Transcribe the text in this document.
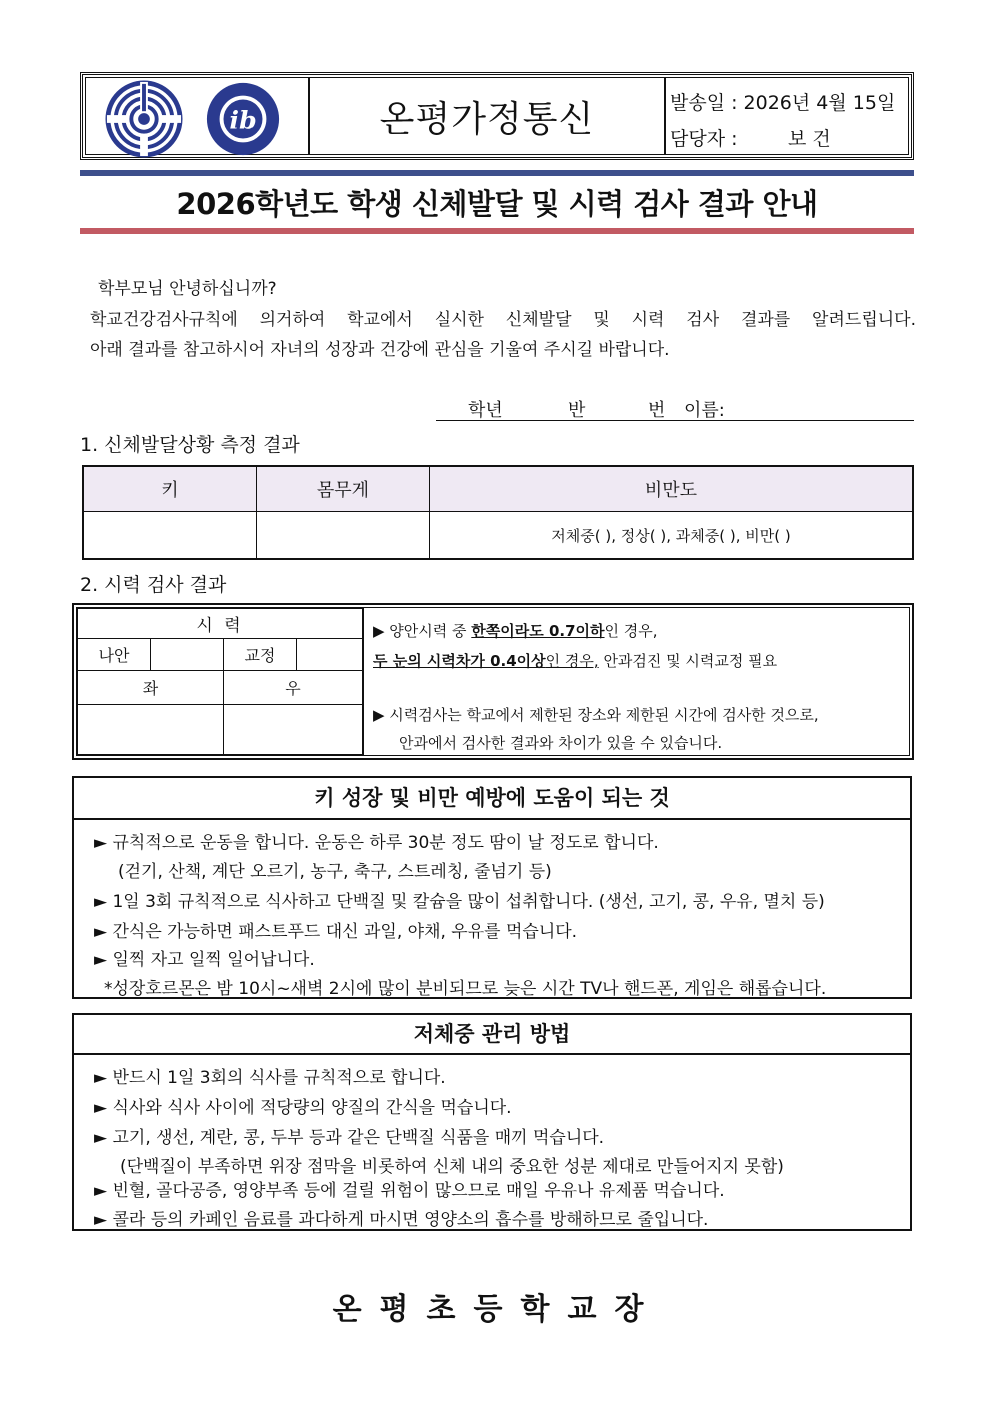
ib	온평가정통신	발송일 : 2026년 4월 15일
담당자 :	보 건
2026학년도 학생 신체발달 및 시력 검사 결과 안내
학부모님 안녕하십니까?
학교건강검사규칙에 의거하여 학교에서 실시한 신체발달 및 시력 검사 결과를 알려드립니다.
아래 결과를 참고하시어 자녀의 성장과 건강에 관심을 기울여 주시길 바랍니다.
학년	반	번 이름:
1. 신체발달상황 측정 결과
키	몸무게	비만도
		저체중( ), 정상( ), 과체중( ), 비만( )
2. 시력 검사 결과
시 력			
나안		교정	
좌		우	

▶ 양안시력 중 한쪽이라도 0.7이하인 경우,
두 눈의 시력차가 0.4이상인 경우, 안과검진 및 시력교정 필요
▶ 시력검사는 학교에서 제한된 장소와 제한된 시간에 검사한 것으로,
안과에서 검사한 결과와 차이가 있을 수 있습니다.
키 성장 및 비만 예방에 도움이 되는 것
► 규칙적으로 운동을 합니다. 운동은 하루 30분 정도 땀이 날 정도로 합니다.
(걷기, 산책, 계단 오르기, 농구, 축구, 스트레칭, 줄넘기 등)
► 1일 3회 규칙적으로 식사하고 단백질 및 칼슘을 많이 섭취합니다. (생선, 고기, 콩, 우유, 멸치 등)
► 간식은 가능하면 패스트푸드 대신 과일, 야채, 우유를 먹습니다.
► 일찍 자고 일찍 일어납니다.
*성장호르몬은 밤 10시~새벽 2시에 많이 분비되므로 늦은 시간 TV나 핸드폰, 게임은 해롭습니다.
저체중 관리 방법
► 반드시 1일 3회의 식사를 규칙적으로 합니다.
► 식사와 식사 사이에 적당량의 양질의 간식을 먹습니다.
► 고기, 생선, 계란, 콩, 두부 등과 같은 단백질 식품을 매끼 먹습니다.
(단백질이 부족하면 위장 점막을 비롯하여 신체 내의 중요한 성분 제대로 만들어지지 못함)
► 빈혈, 골다공증, 영양부족 등에 걸릴 위험이 많으므로 매일 우유나 유제품 먹습니다.
► 콜라 등의 카페인 음료를 과다하게 마시면 영양소의 흡수를 방해하므로 줄입니다.
온평초등학교장
